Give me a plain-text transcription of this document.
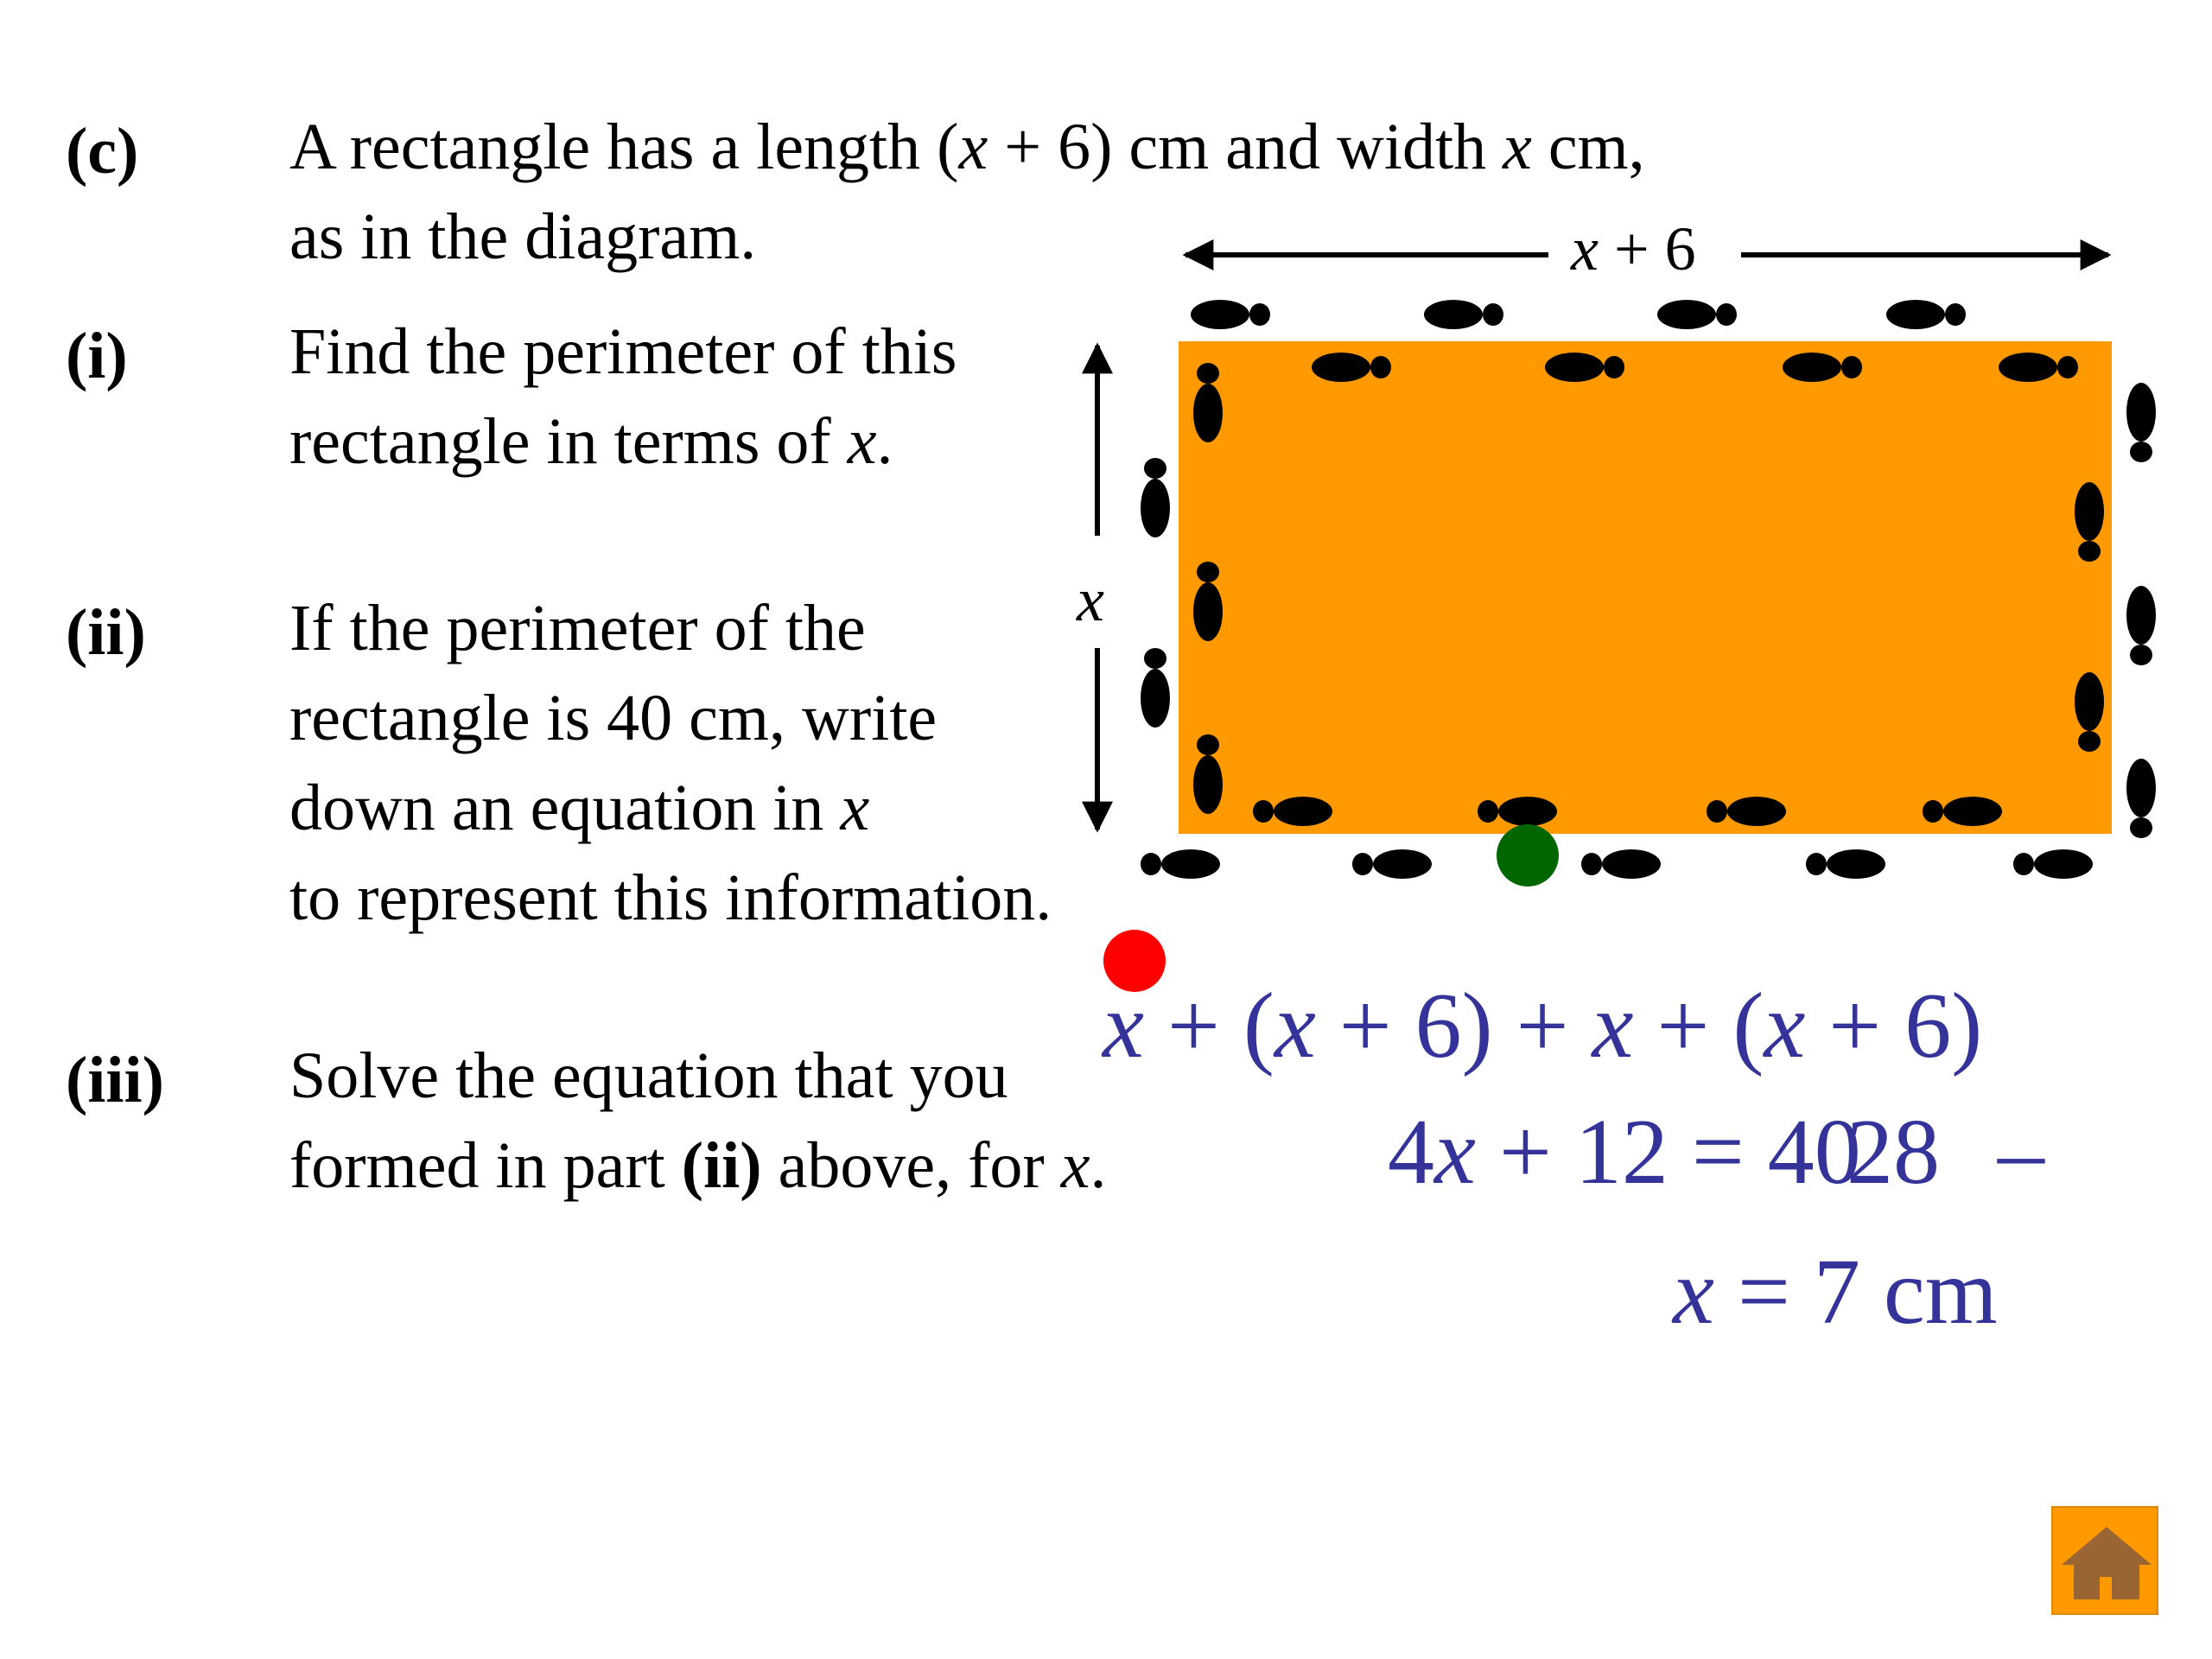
(c) A rectangle has a length (x + 6) cm and width x cm,
as in the diagram.
(i) Find the perimeter of this
rectangle in terms of x.
(ii) If the perimeter of the
rectangle is 40 cm, write
down an equation in x
to represent this information.
(iii) Solve the equation that you
formed in part (ii) above, for x.
x + 6
x
x + (x + 6) + x + (x + 6)
4x + 12 = 40
28 –
x = 7 cm
